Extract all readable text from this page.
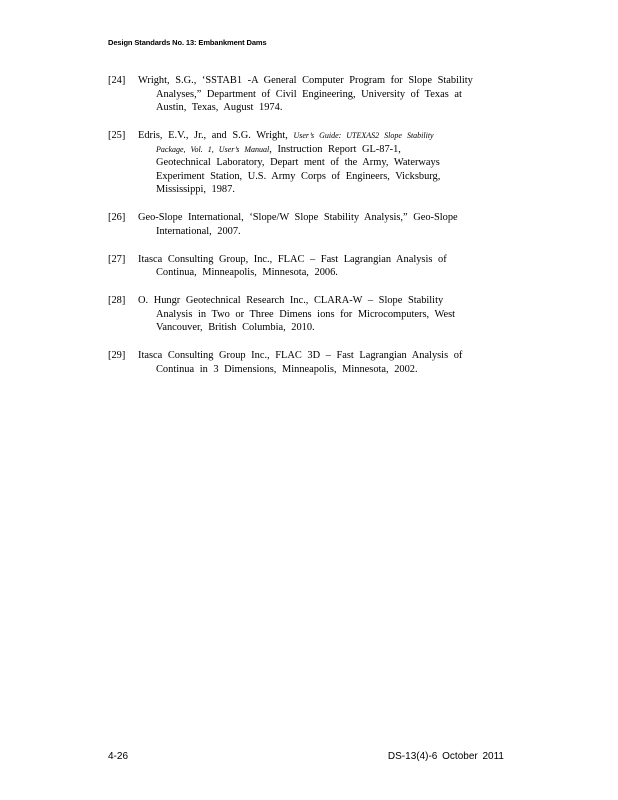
Design Standards No. 13: Embankment Dams
[24]	Wright, S.G., ‘SSTAB1 -A General Computer Program for Slope Stability
Analyses,” Department of Civil Engineering, University of Texas at
Austin, Texas, August 1974.
[25]	Edris, E.V., Jr., and S.G. Wright, User’s Guide: UTEXAS2 Slope Stability
Package, Vol. 1, User’s Manual, Instruction Report GL-87-1,
Geotechnical Laboratory, Depart ment of the Army, Waterways
Experiment Station, U.S. Army Corps of Engineers, Vicksburg,
Mississippi, 1987.
[26]	Geo-Slope International, ‘Slope/W Slope Stability Analysis,” Geo-Slope
International, 2007.
[27]	Itasca Consulting Group, Inc., FLAC – Fast Lagrangian Analysis of
Continua, Minneapolis, Minnesota, 2006.
[28]	O. Hungr Geotechnical Research Inc., CLARA-W – Slope Stability
Analysis in Two or Three Dimens ions for Microcomputers, West
Vancouver, British Columbia, 2010.
[29]	Itasca Consulting Group Inc., FLAC 3D – Fast Lagrangian Analysis of
Continua in 3 Dimensions, Minneapolis, Minnesota, 2002.
4-26	DS-13(4)-6 October 2011
